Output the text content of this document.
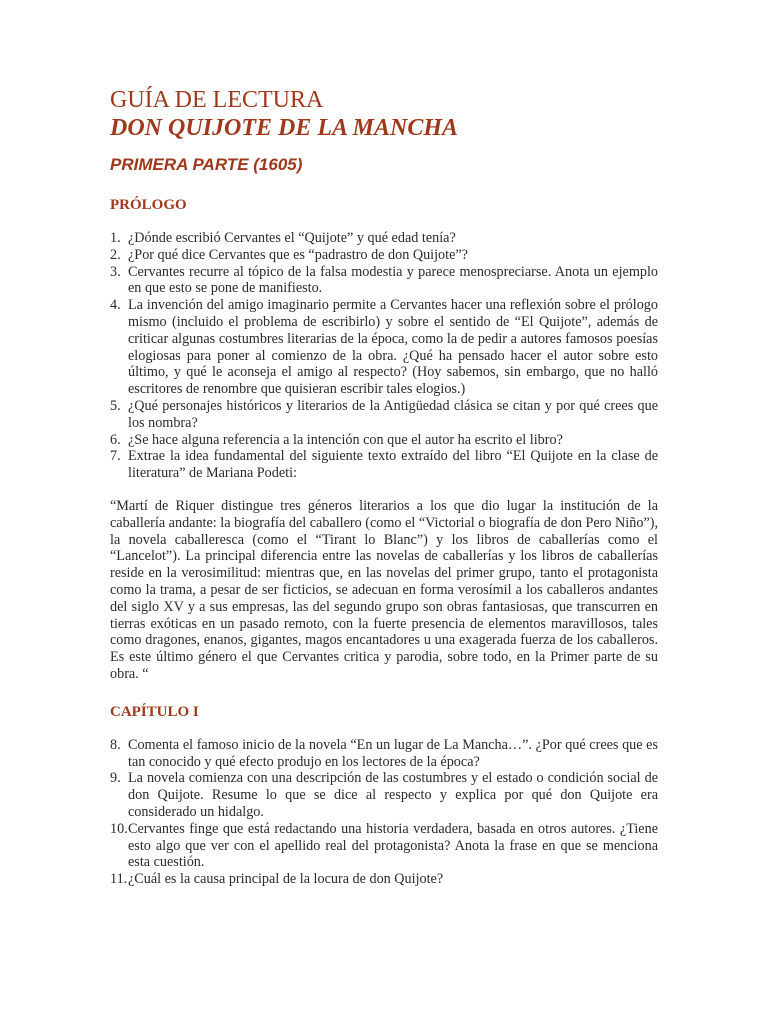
GUÍA DE LECTURA
DON QUIJOTE DE LA MANCHA
PRIMERA PARTE (1605)
PRÓLOGO
1. ¿Dónde escribió Cervantes el “Quijote” y qué edad tenía?
2. ¿Por qué dice Cervantes que es “padrastro de don Quijote”?
3. Cervantes recurre al tópico de la falsa modestia y parece menospreciarse. Anota un ejemplo en que esto se pone de manifiesto.
4. La invención del amigo imaginario permite a Cervantes hacer una reflexión sobre el prólogo mismo (incluido el problema de escribirlo) y sobre el sentido de “El Quijote”, además de criticar algunas costumbres literarias de la época, como la de pedir a autores famosos poesías elogiosas para poner al comienzo de la obra. ¿Qué ha pensado hacer el autor sobre esto último, y qué le aconseja el amigo al respecto? (Hoy sabemos, sin embargo, que no halló escritores de renombre que quisieran escribir tales elogios.)
5. ¿Qué personajes históricos y literarios de la Antigüedad clásica se citan y por qué crees que los nombra?
6. ¿Se hace alguna referencia a la intención con que el autor ha escrito el libro?
7. Extrae la idea fundamental del siguiente texto extraído del libro “El Quijote en la clase de literatura” de Mariana Podeti:

“Martí de Riquer distingue tres géneros literarios a los que dio lugar la institución de la caballería andante: la biografía del caballero (como el “Victorial o biografía de don Pero Niño”), la novela caballeresca (como el “Tirant lo Blanc”) y los libros de caballerías como el “Lancelot”). La principal diferencia entre las novelas de caballerías y los libros de caballerías reside en la verosimilitud: mientras que, en las novelas del primer grupo, tanto el protagonista como la trama, a pesar de ser ficticios, se adecuan en forma verosímil a los caballeros andantes del siglo XV y a sus empresas, las del segundo grupo son obras fantasiosas, que transcurren en tierras exóticas en un pasado remoto, con la fuerte presencia de elementos maravillosos, tales como dragones, enanos, gigantes, magos encantadores u una exagerada fuerza de los caballeros. Es este último género el que Cervantes critica y parodia, sobre todo, en la Primer parte de su obra. “

CAPÍTULO I
8. Comenta el famoso inicio de la novela “En un lugar de La Mancha…”. ¿Por qué crees que es tan conocido y qué efecto produjo en los lectores de la época?
9. La novela comienza con una descripción de las costumbres y el estado o condición social de don Quijote. Resume lo que se dice al respecto y explica por qué don Quijote era considerado un hidalgo.
10. Cervantes finge que está redactando una historia verdadera, basada en otros autores. ¿Tiene esto algo que ver con el apellido real del protagonista? Anota la frase en que se menciona esta cuestión.
11. ¿Cuál es la causa principal de la locura de don Quijote?
